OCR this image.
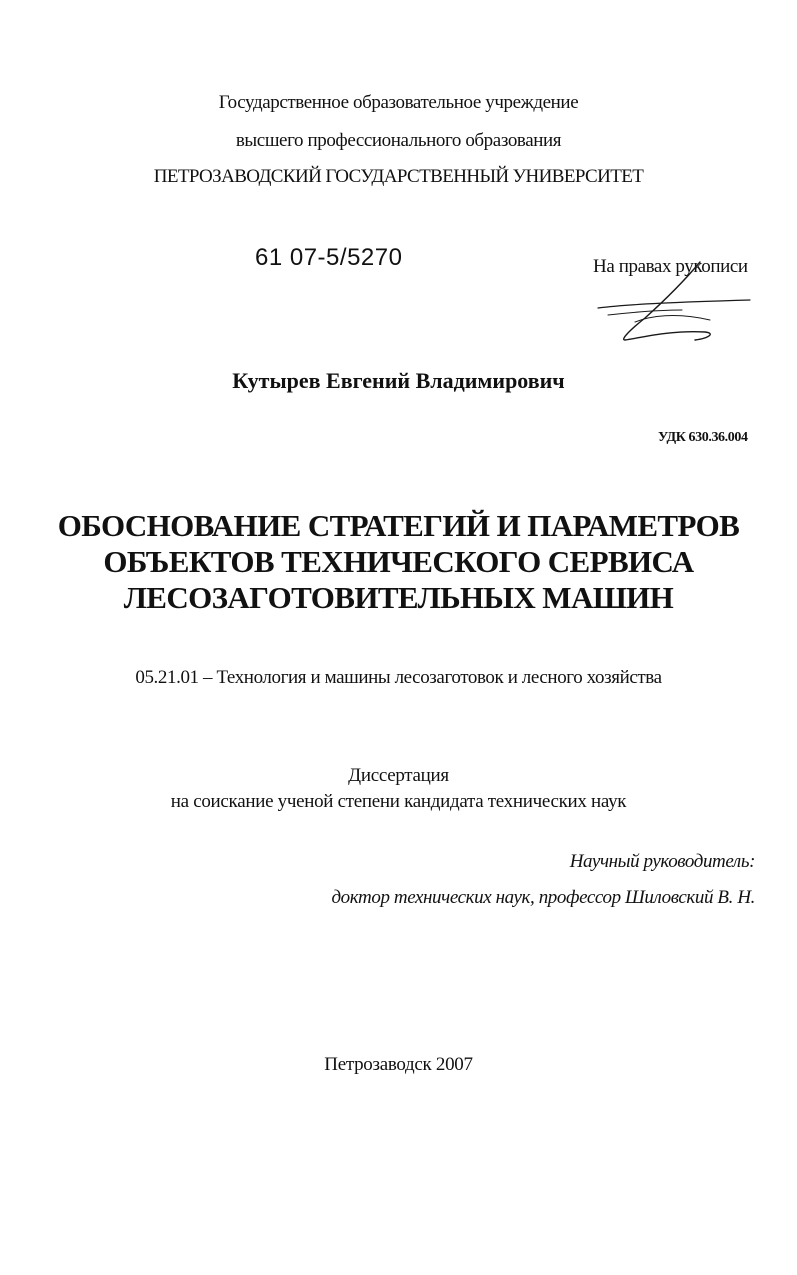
Государственное образовательное учреждение
высшего профессионального образования
ПЕТРОЗАВОДСКИЙ ГОСУДАРСТВЕННЫЙ УНИВЕРСИТЕТ
61 07-5/5270	На правах рукописи
Кутырев Евгений Владимирович
УДК 630.36.004
ОБОСНОВАНИЕ СТРАТЕГИЙ И ПАРАМЕТРОВ
ОБЪЕКТОВ ТЕХНИЧЕСКОГО СЕРВИСА
ЛЕСОЗАГОТОВИТЕЛЬНЫХ МАШИН
05.21.01 – Технология и машины лесозаготовок и лесного хозяйства
Диссертация
на соискание ученой степени кандидата технических наук
Научный руководитель:
доктор технических наук, профессор Шиловский В. Н.
Петрозаводск 2007
